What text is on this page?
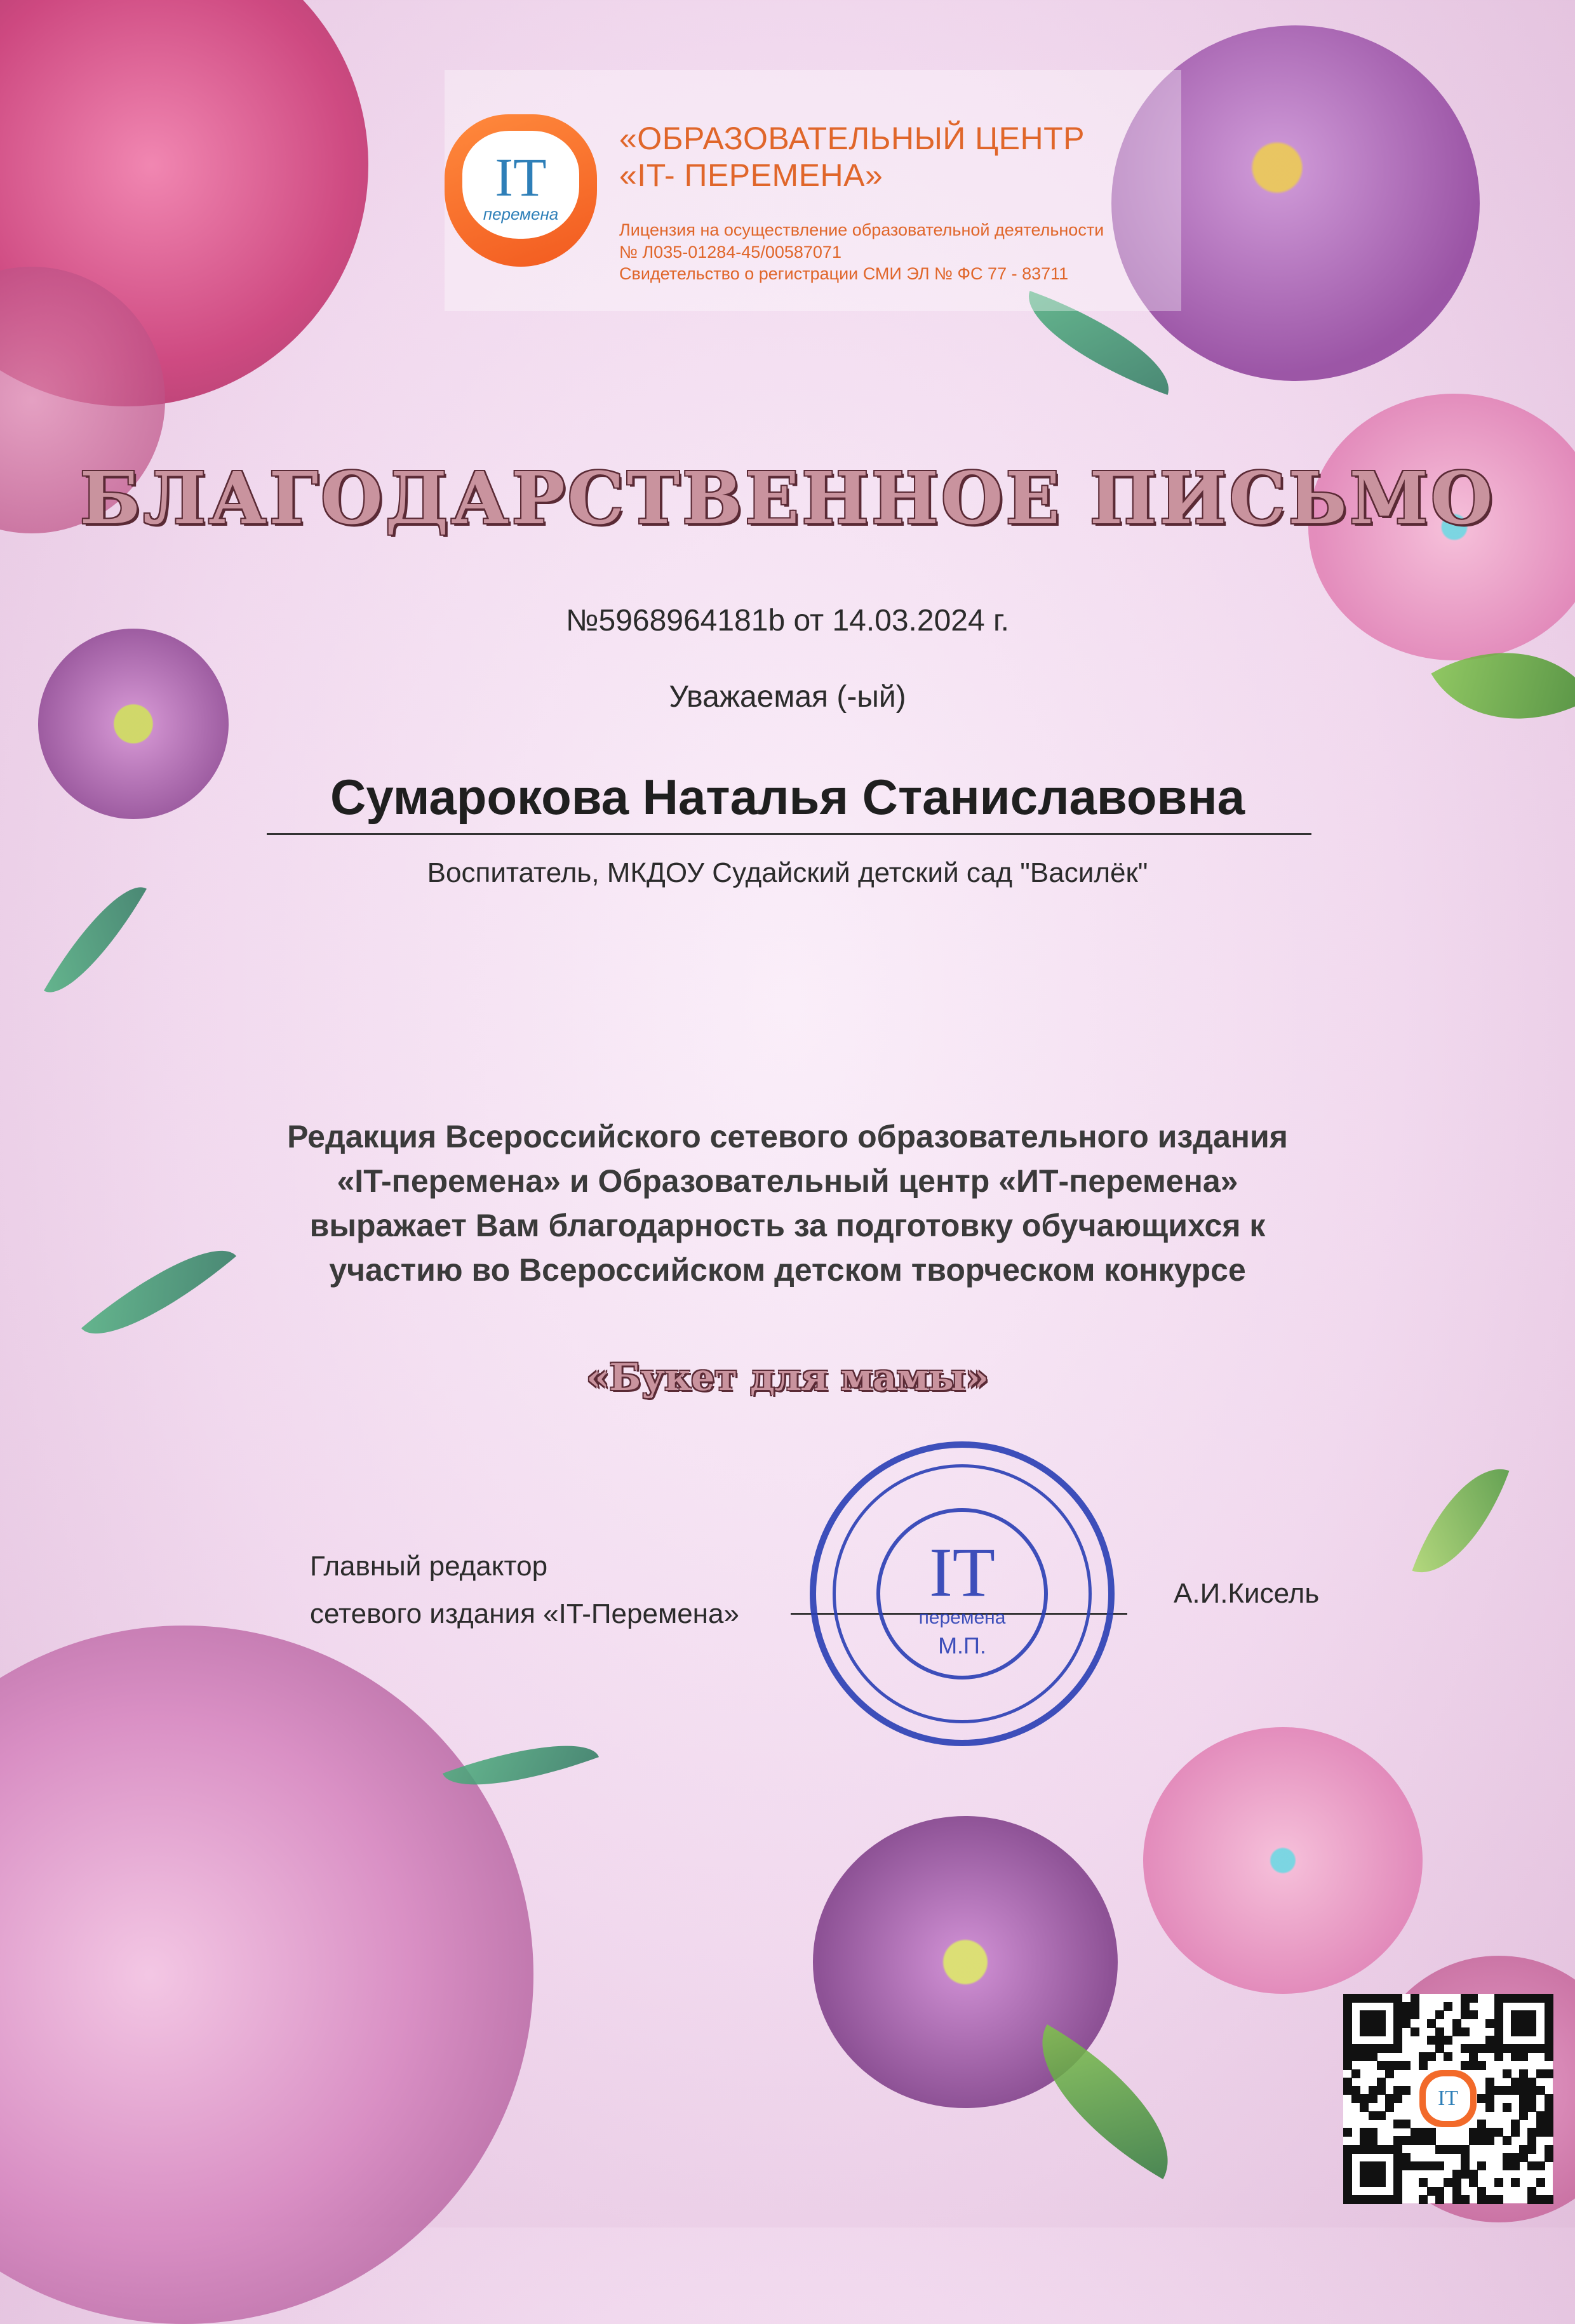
IT
перемена
«ОБРАЗОВАТЕЛЬНЫЙ ЦЕНТР
«IT- ПЕРЕМЕНА»
Лицензия на осуществление образовательной деятельности
№ Л035-01284-45/00587071
Свидетельство о регистрации СМИ ЭЛ № ФС 77 - 83711
БЛАГОДАРСТВЕННОЕ ПИСЬМО
№5968964181b от 14.03.2024 г.
Уважаемая (-ый)
Сумарокова Наталья Станиславовна
Воспитатель, МКДОУ Судайский детский сад "Василёк"
Редакция Всероссийского сетевого образовательного издания
«IT-перемена» и Образовательный центр «ИТ-перемена»
выражает Вам благодарность за подготовку обучающихся к
участию во Всероссийском детском творческом конкурсе
«Букет для мамы»
Главный редактор
сетевого издания «IT-Перемена»
IT
перемена
М.П.
А.И.Кисель
IT
